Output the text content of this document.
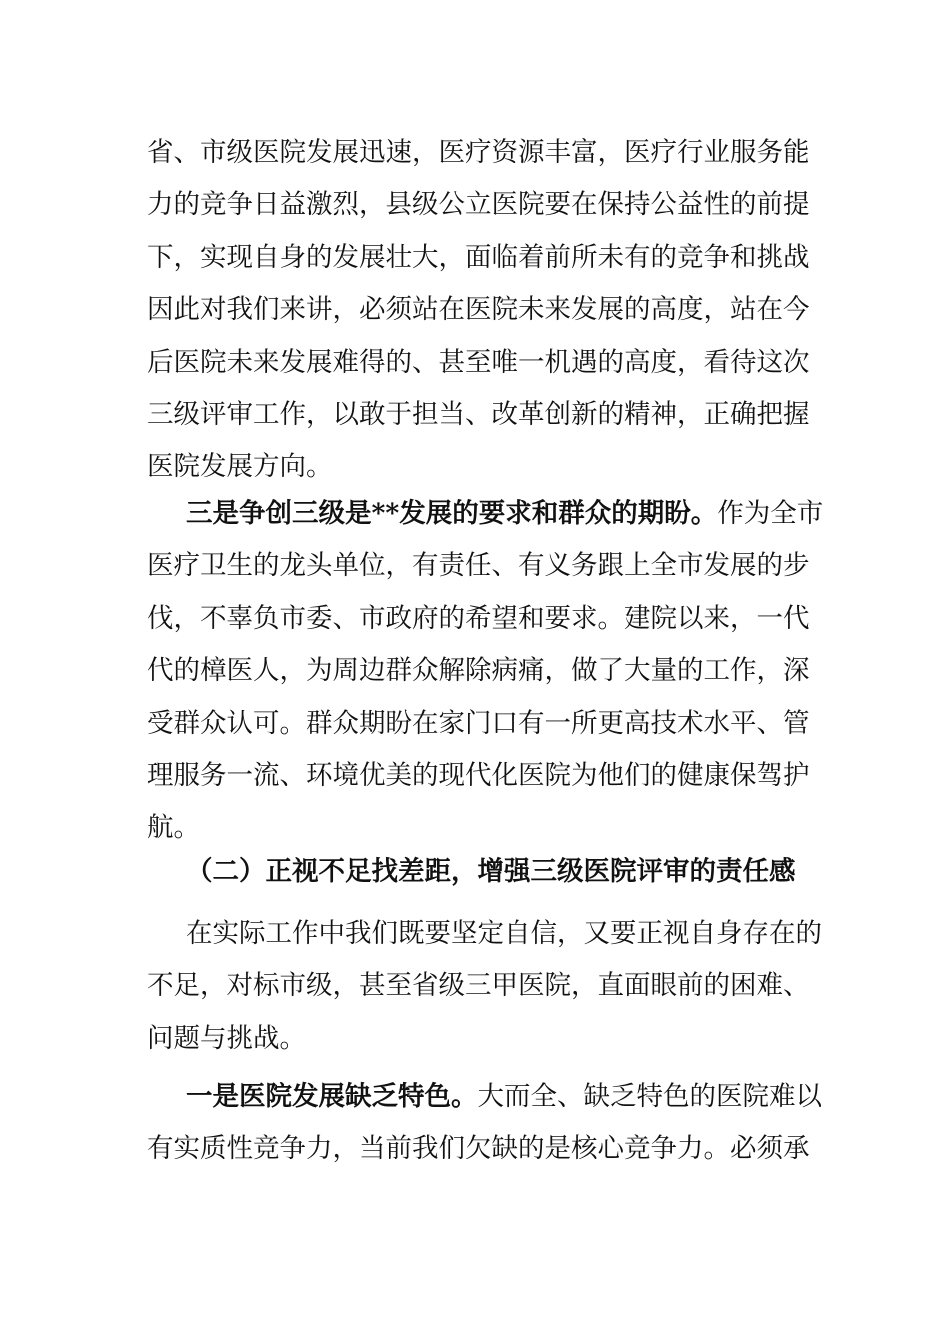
省、市级医院发展迅速，医疗资源丰富，医疗行业服务能
力的竞争日益激烈，县级公立医院要在保持公益性的前提
下，实现自身的发展壮大，面临着前所未有的竞争和挑战
因此对我们来讲，必须站在医院未来发展的高度，站在今
后医院未来发展难得的、甚至唯一机遇的高度，看待这次
三级评审工作，以敢于担当、改革创新的精神，正确把握
医院发展方向。
三是争创三级是**发展的要求和群众的期盼。作为全市
医疗卫生的龙头单位，有责任、有义务跟上全市发展的步
伐，不辜负市委、市政府的希望和要求。建院以来，一代
代的樟医人，为周边群众解除病痛，做了大量的工作，深
受群众认可。群众期盼在家门口有一所更高技术水平、管
理服务一流、环境优美的现代化医院为他们的健康保驾护
航。
（二）正视不足找差距，增强三级医院评审的责任感
在实际工作中我们既要坚定自信，又要正视自身存在的
不足，对标市级，甚至省级三甲医院，直面眼前的困难、
问题与挑战。
一是医院发展缺乏特色。大而全、缺乏特色的医院难以
有实质性竞争力，当前我们欠缺的是核心竞争力。必须承
